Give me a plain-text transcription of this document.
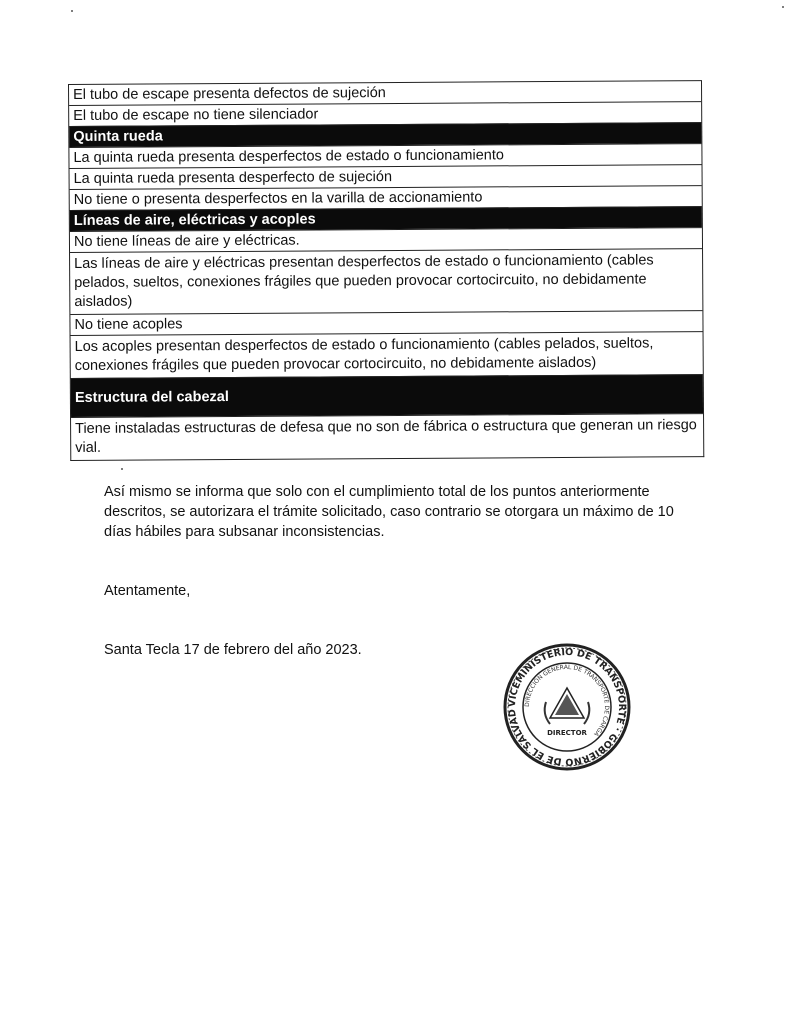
El tubo de escape presenta defectos de sujeción
El tubo de escape no tiene silenciador
Quinta rueda
La quinta rueda presenta desperfectos de estado o funcionamiento
La quinta rueda presenta desperfecto de sujeción
No tiene o presenta desperfectos en la varilla de accionamiento
Líneas de aire, eléctricas y acoples
No tiene líneas de aire y eléctricas.
Las líneas de aire y eléctricas presentan desperfectos de estado o funcionamiento (cables pelados, sueltos, conexiones frágiles que pueden provocar cortocircuito, no debidamente aislados)
No tiene acoples
Los acoples presentan desperfectos de estado o funcionamiento (cables pelados, sueltos, conexiones frágiles que pueden provocar cortocircuito, no debidamente aislados)
Estructura del cabezal
Tiene instaladas estructuras de defesa que no son de fábrica o estructura que generan un riesgo vial.
Así mismo se informa que solo con el cumplimiento total de los puntos anteriormente descritos, se autorizara el trámite solicitado, caso contrario se otorgara un máximo de 10 días hábiles para subsanar inconsistencias.
Atentamente,
Santa Tecla 17 de febrero del año 2023.
VICEMINISTERIO DE TRANSPORTE · GOBIERNO DE EL SALVAD
DIRECCIÓN GENERAL DE TRANSPORTE DE CARGA
DIRECTOR
